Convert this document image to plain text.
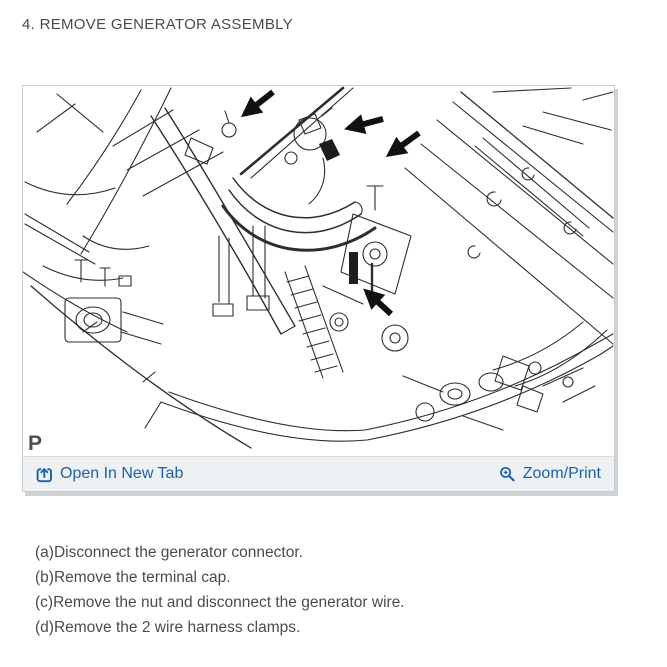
4. REMOVE GENERATOR ASSEMBLY
P
Open In New Tab	Zoom/Print
(a)Disconnect the generator connector.
(b)Remove the terminal cap.
(c)Remove the nut and disconnect the generator wire.
(d)Remove the 2 wire harness clamps.
